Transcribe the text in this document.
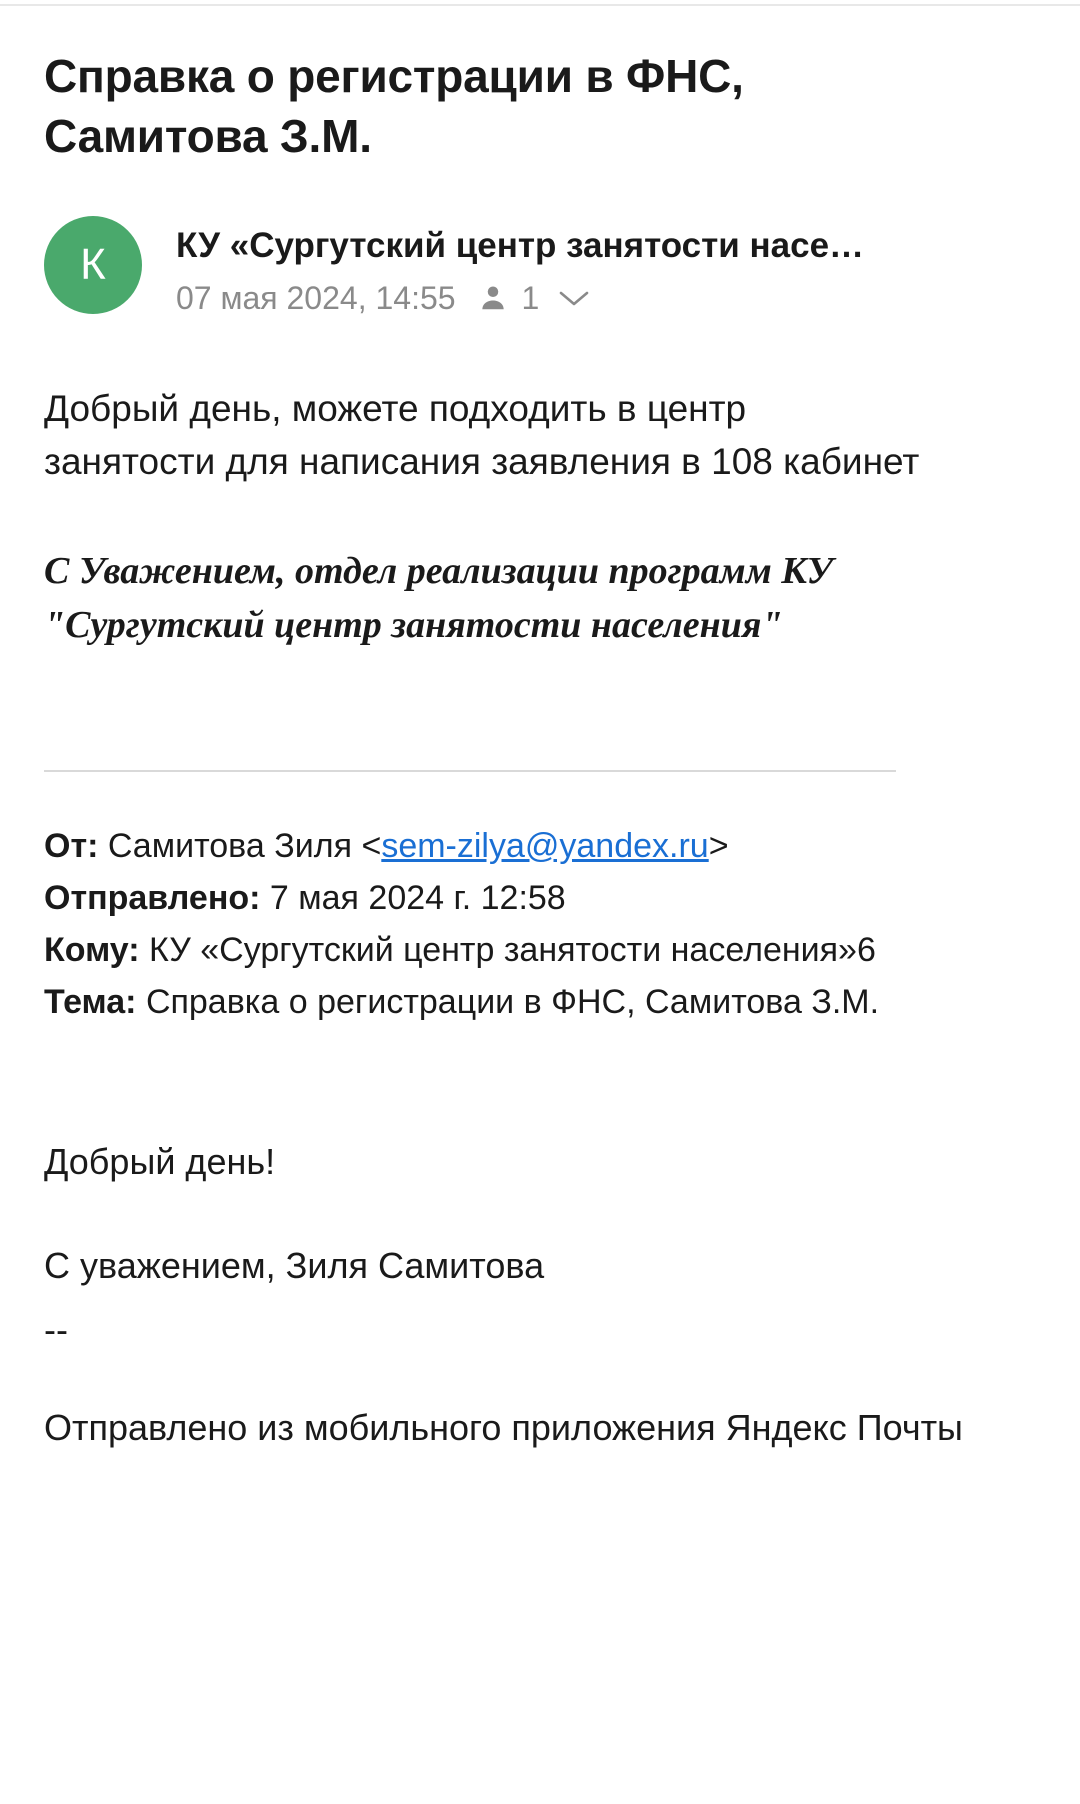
Справка о регистрации в ФНС, Самитова З.М.
К	КУ «Сургутский центр занятости насе…
07 мая 2024, 14:55 1
Добрый день, можете подходить в центр занятости для написания заявления в 108 кабинет
С Уважением, отдел реализации программ КУ "Сургутский центр занятости населения"
От: Самитова Зиля <sem-zilya@yandex.ru>
Отправлено: 7 мая 2024 г. 12:58
Кому: КУ «Сургутский центр занятости населения»6
Тема: Справка о регистрации в ФНС, Самитова З.М.

Добрый день!

С уважением, Зиля Самитова

--

Отправлено из мобильного приложения Яндекс Почты
